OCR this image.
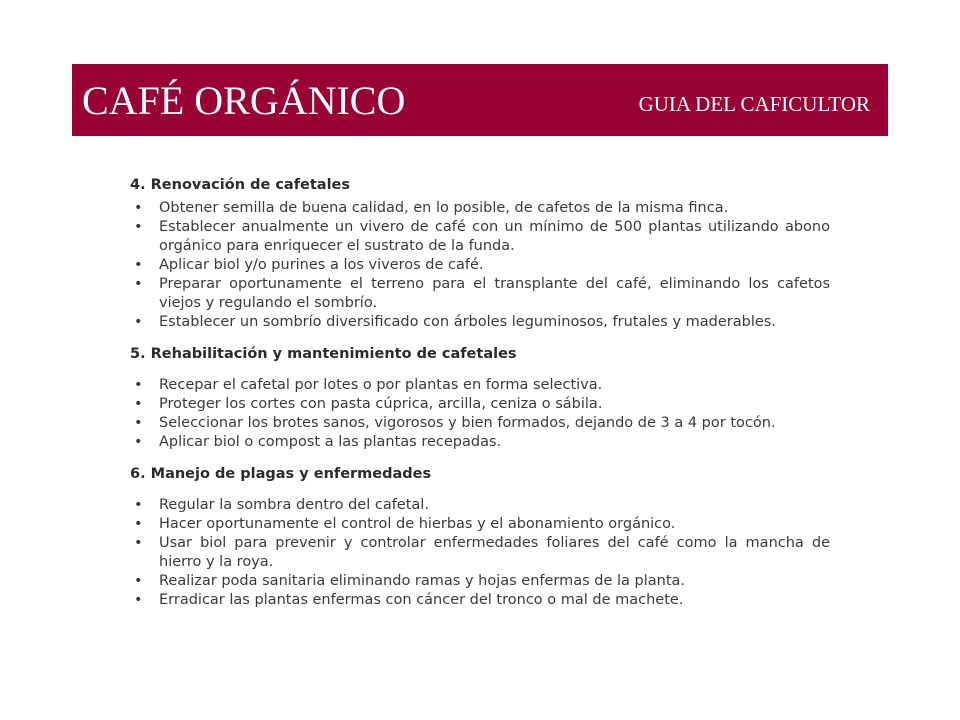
CAFÉ ORGÁNICO	GUIA DEL CAFICULTOR

4. Renovación de cafetales

• Obtener semilla de buena calidad, en lo posible, de cafetos de la misma finca.
• Establecer anualmente un vivero de café con un mínimo de 500 plantas utilizando abono orgánico para enriquecer el sustrato de la funda.
• Aplicar biol y/o purines a los viveros de café.
• Preparar oportunamente el terreno para el transplante del café, eliminando los cafetos viejos y regulando el sombrío.
• Establecer un sombrío diversificado con árboles leguminosos, frutales y maderables.

5. Rehabilitación y mantenimiento de cafetales

• Recepar el cafetal por lotes o por plantas en forma selectiva.
• Proteger los cortes con pasta cúprica, arcilla, ceniza o sábila.
• Seleccionar los brotes sanos, vigorosos y bien formados, dejando de 3 a 4 por tocón.
• Aplicar biol o compost a las plantas recepadas.

6. Manejo de plagas y enfermedades

• Regular la sombra dentro del cafetal.
• Hacer oportunamente el control de hierbas y el abonamiento orgánico.
• Usar biol para prevenir y controlar enfermedades foliares del café como la mancha de hierro y la roya.
• Realizar poda sanitaria eliminando ramas y hojas enfermas de la planta.
• Erradicar las plantas enfermas con cáncer del tronco o mal de machete.
